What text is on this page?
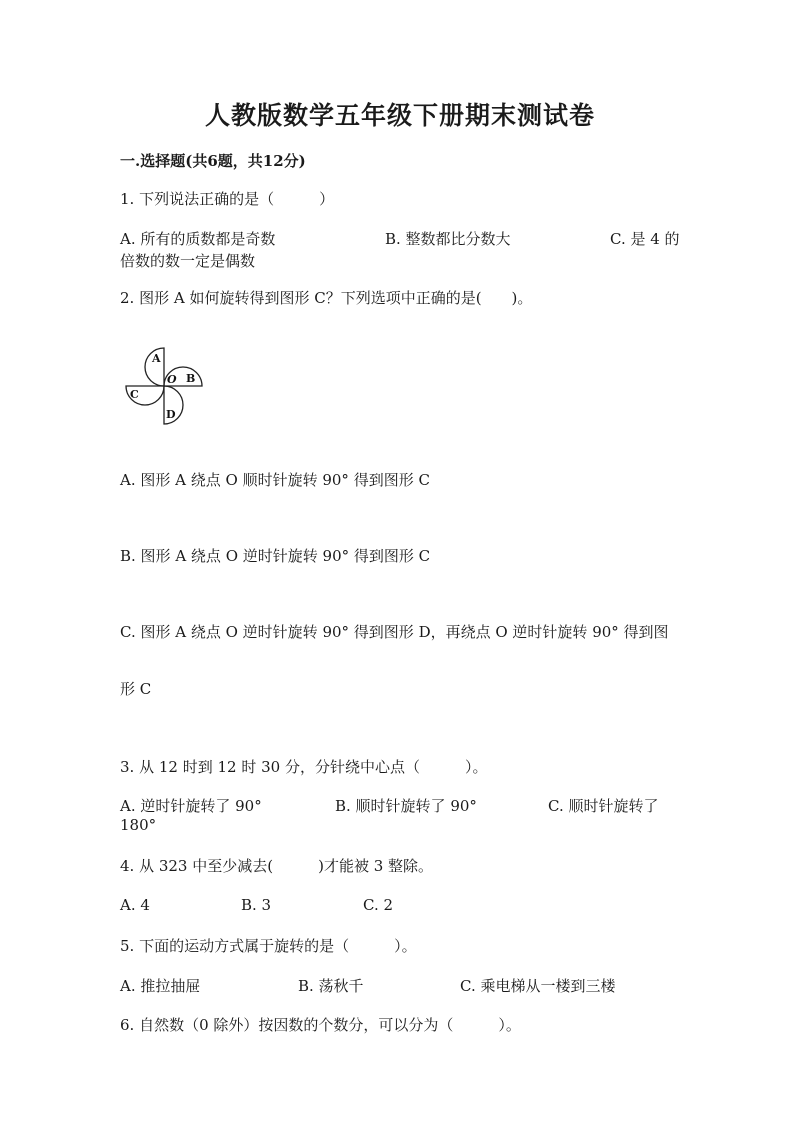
人教版数学五年级下册期末测试卷
一.选择题(共6题，共12分)
1. 下列说法正确的是（　　　）
A. 所有的质数都是奇数	B. 整数都比分数大	C. 是 4 的
倍数的数一定是偶数
2. 图形 A 如何旋转得到图形 C？下列选项中正确的是(　　)。
A
B
C
D
O
A. 图形 A 绕点 O 顺时针旋转 90° 得到图形 C
B. 图形 A 绕点 O 逆时针旋转 90° 得到图形 C
C. 图形 A 绕点 O 逆时针旋转 90° 得到图形 D，再绕点 O 逆时针旋转 90° 得到图
形 C
3. 从 12 时到 12 时 30 分，分针绕中心点（　　　）。
A. 逆时针旋转了 90°	B. 顺时针旋转了 90°	C. 顺时针旋转了
180°
4. 从 323 中至少减去(　　　)才能被 3 整除。
A. 4	B. 3	C. 2
5. 下面的运动方式属于旋转的是（　　　）。
A. 推拉抽屉	B. 荡秋千	C. 乘电梯从一楼到三楼
6. 自然数（0 除外）按因数的个数分，可以分为（　　　）。
